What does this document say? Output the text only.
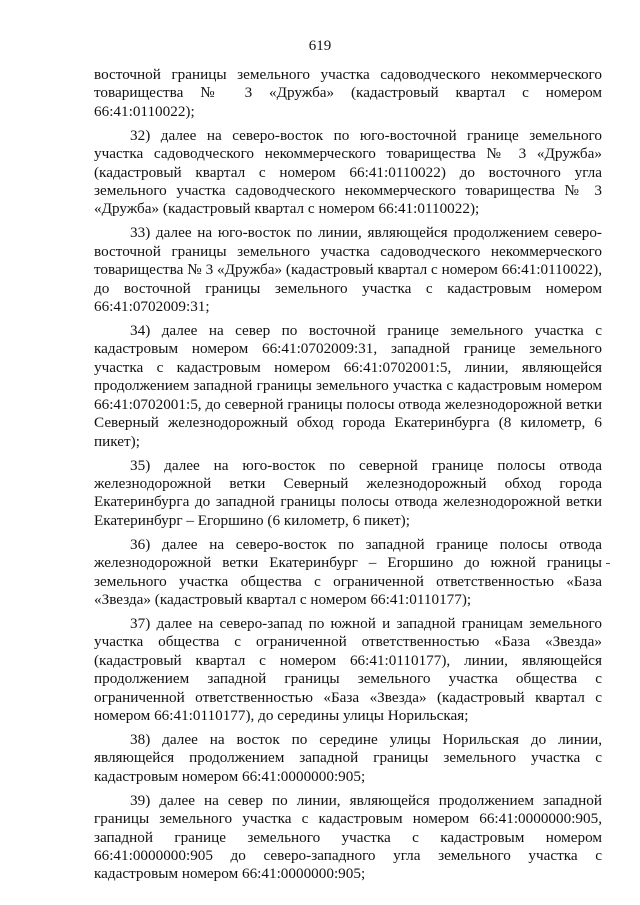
619

восточной границы земельного участка садоводческого некоммерческого товарищества № 3 «Дружба» (кадастровый квартал с номером 66:41:0110022);

32) далее на северо-восток по юго-восточной границе земельного участка садоводческого некоммерческого товарищества № 3 «Дружба» (кадастровый квартал с номером 66:41:0110022) до восточного угла земельного участка садоводческого некоммерческого товарищества № 3 «Дружба» (кадастровый квартал с номером 66:41:0110022);

33) далее на юго-восток по линии, являющейся продолжением северо-восточной границы земельного участка садоводческого некоммерческого товарищества № 3 «Дружба» (кадастровый квартал с номером 66:41:0110022), до восточной границы земельного участка с кадастровым номером 66:41:0702009:31;

34) далее на север по восточной границе земельного участка с кадастровым номером 66:41:0702009:31, западной границе земельного участка с кадастровым номером 66:41:0702001:5, линии, являющейся продолжением западной границы земельного участка с кадастровым номером 66:41:0702001:5, до северной границы полосы отвода железнодорожной ветки Северный железнодорожный обход города Екатеринбурга (8 километр, 6 пикет);

35) далее на юго-восток по северной границе полосы отвода железнодорожной ветки Северный железнодорожный обход города Екатеринбурга до западной границы полосы отвода железнодорожной ветки Екатеринбург – Егоршино (6 километр, 6 пикет);

36) далее на северо-восток по западной границе полосы отвода железнодорожной ветки Екатеринбург – Егоршино до южной границы земельного участка общества с ограниченной ответственностью «База «Звезда» (кадастровый квартал с номером 66:41:0110177);

37) далее на северо-запад по южной и западной границам земельного участка общества с ограниченной ответственностью «База «Звезда» (кадастровый квартал с номером 66:41:0110177), линии, являющейся продолжением западной границы земельного участка общества с ограниченной ответственностью «База «Звезда» (кадастровый квартал с номером 66:41:0110177), до середины улицы Норильская;

38) далее на восток по середине улицы Норильская до линии, являющейся продолжением западной границы земельного участка с кадастровым номером 66:41:0000000:905;

39) далее на север по линии, являющейся продолжением западной границы земельного участка с кадастровым номером 66:41:0000000:905, западной границе земельного участка с кадастровым номером 66:41:0000000:905 до северо-западного угла земельного участка с кадастровым номером 66:41:0000000:905;
